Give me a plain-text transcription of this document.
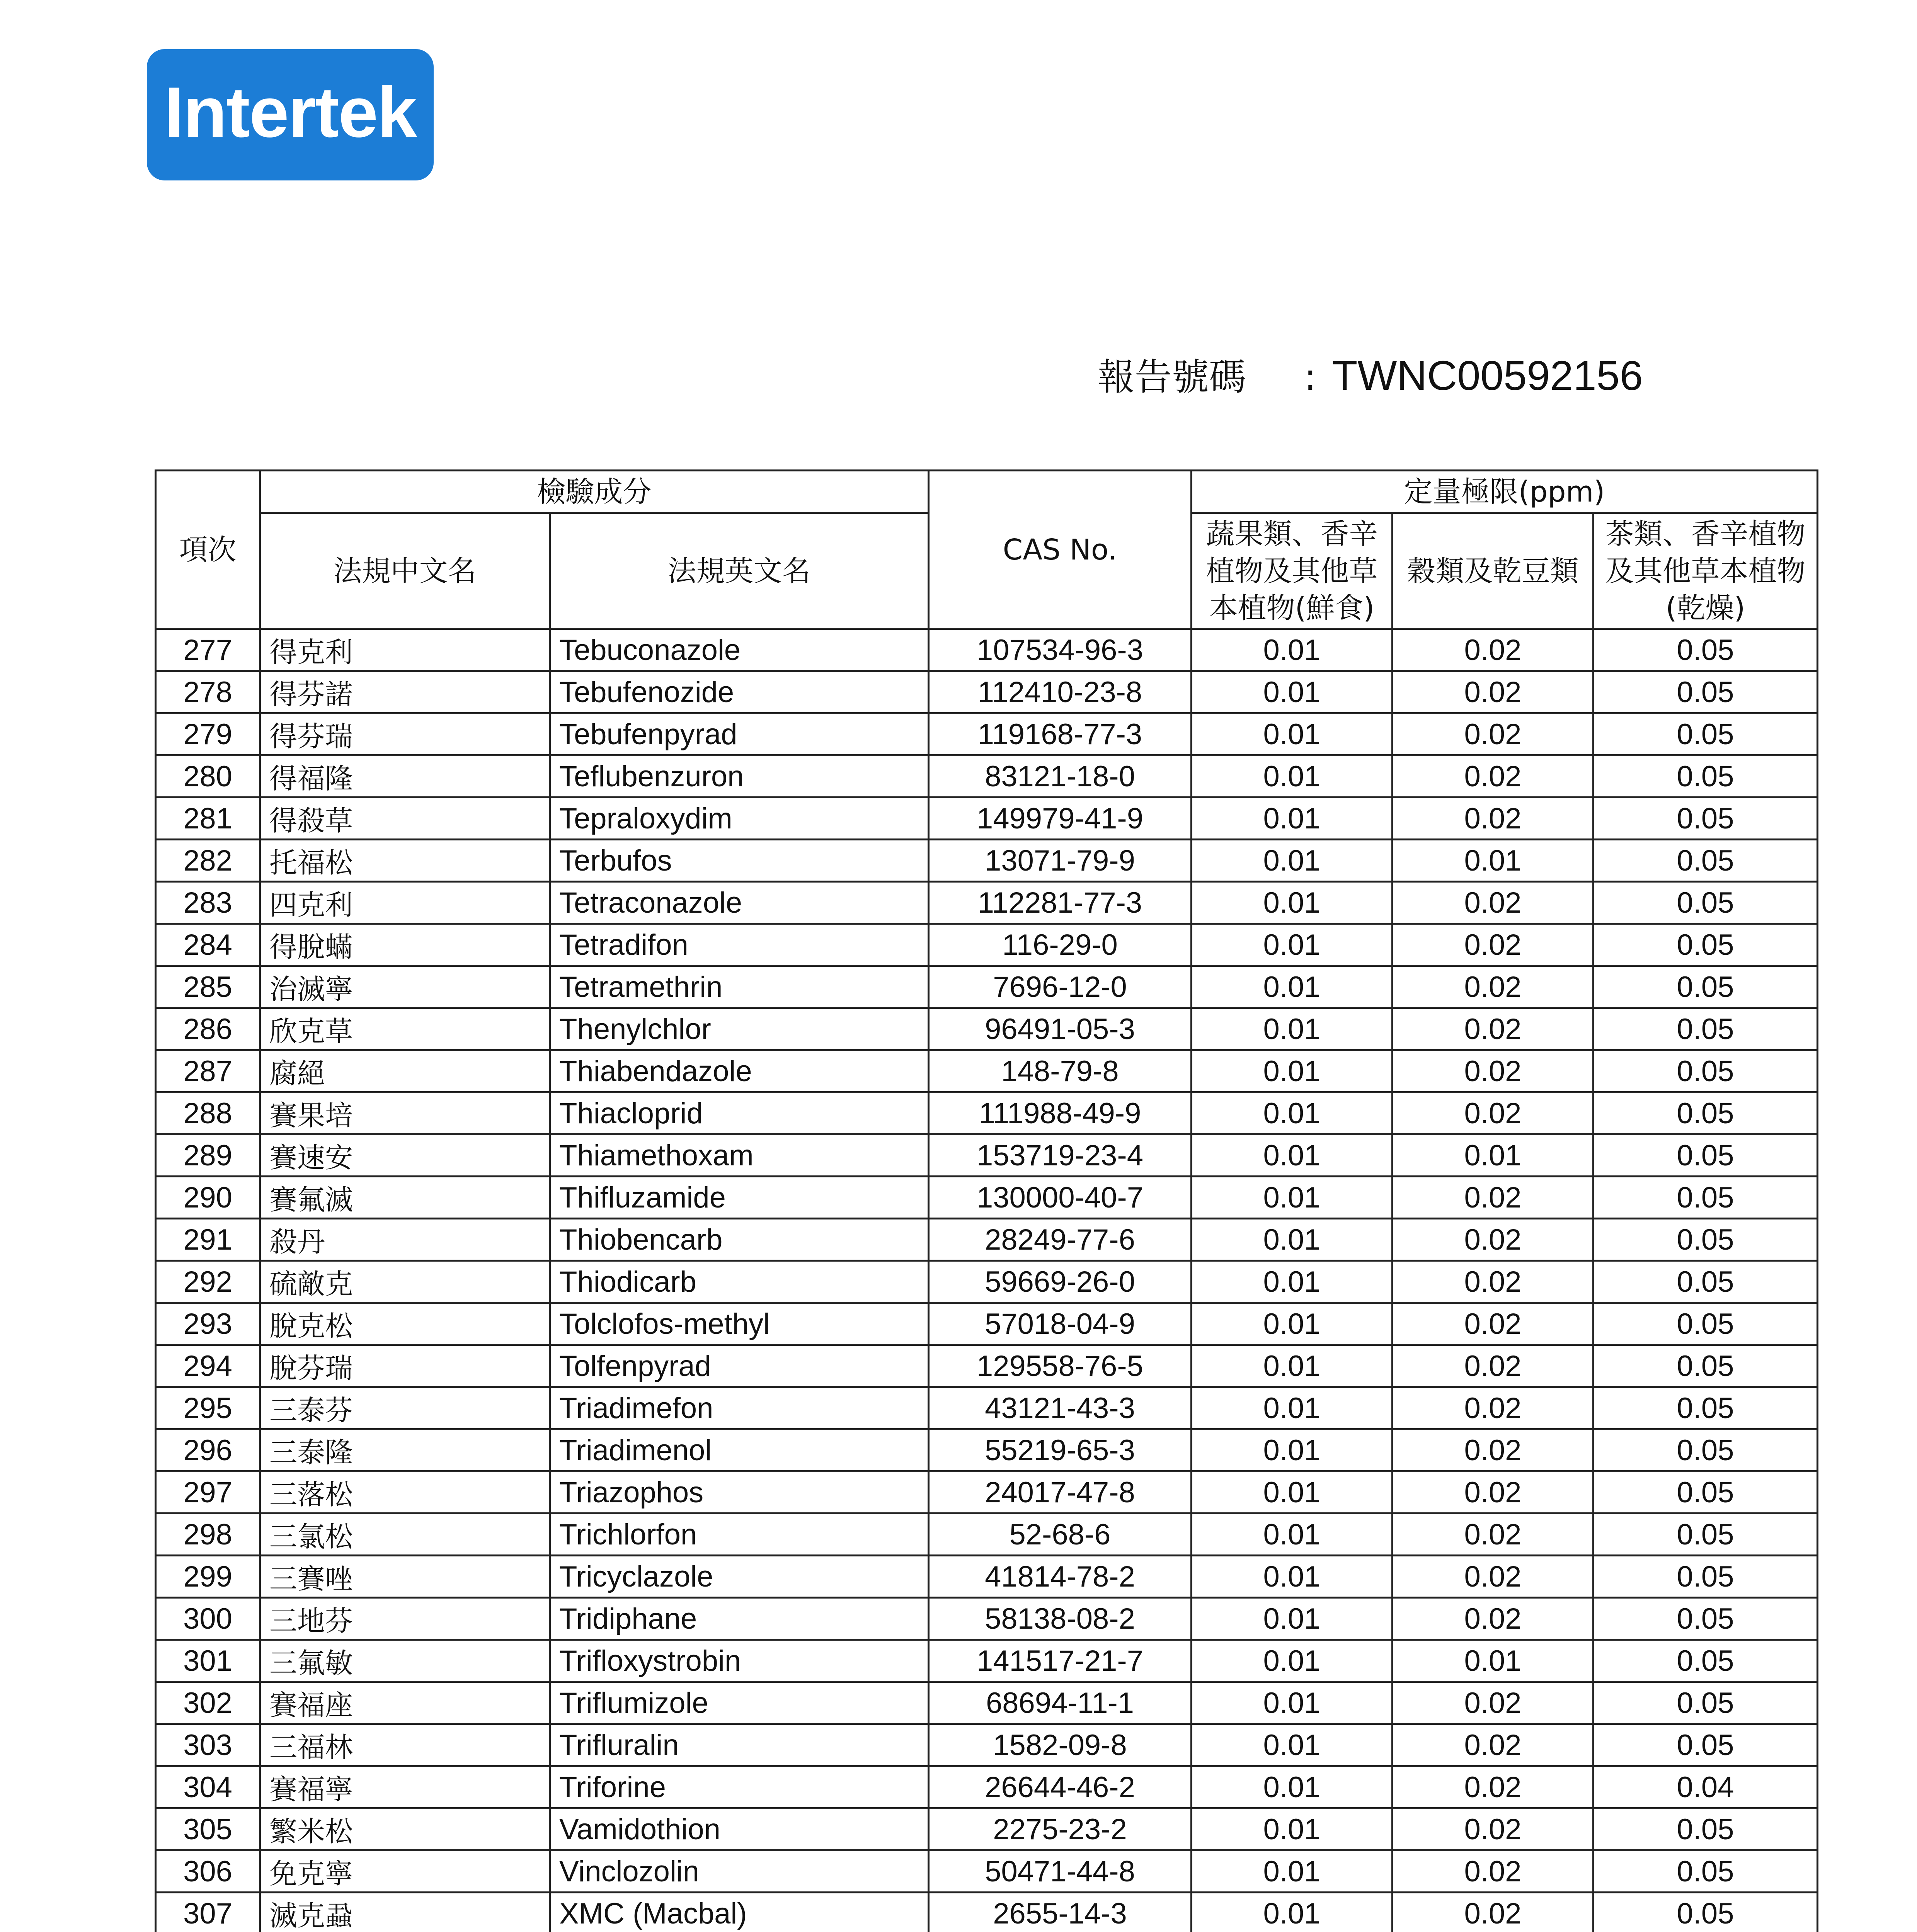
Intertek
報告號碼 : TWNC00592156
項次	檢驗成分		CAS No.	定量極限(ppm)		
	法規中文名	法規英文名		蔬果類、香辛植物及其他草本植物(鮮食)	穀類及乾豆類	茶類、香辛植物及其他草本植物(乾燥)
277	得克利	Tebuconazole	107534-96-3	0.01	0.02	0.05
278	得芬諾	Tebufenozide	112410-23-8	0.01	0.02	0.05
279	得芬瑞	Tebufenpyrad	119168-77-3	0.01	0.02	0.05
280	得福隆	Teflubenzuron	83121-18-0	0.01	0.02	0.05
281	得殺草	Tepraloxydim	149979-41-9	0.01	0.02	0.05
282	托福松	Terbufos	13071-79-9	0.01	0.01	0.05
283	四克利	Tetraconazole	112281-77-3	0.01	0.02	0.05
284	得脫蟎	Tetradifon	116-29-0	0.01	0.02	0.05
285	治滅寧	Tetramethrin	7696-12-0	0.01	0.02	0.05
286	欣克草	Thenylchlor	96491-05-3	0.01	0.02	0.05
287	腐絕	Thiabendazole	148-79-8	0.01	0.02	0.05
288	賽果培	Thiacloprid	111988-49-9	0.01	0.02	0.05
289	賽速安	Thiamethoxam	153719-23-4	0.01	0.01	0.05
290	賽氟滅	Thifluzamide	130000-40-7	0.01	0.02	0.05
291	殺丹	Thiobencarb	28249-77-6	0.01	0.02	0.05
292	硫敵克	Thiodicarb	59669-26-0	0.01	0.02	0.05
293	脫克松	Tolclofos-methyl	57018-04-9	0.01	0.02	0.05
294	脫芬瑞	Tolfenpyrad	129558-76-5	0.01	0.02	0.05
295	三泰芬	Triadimefon	43121-43-3	0.01	0.02	0.05
296	三泰隆	Triadimenol	55219-65-3	0.01	0.02	0.05
297	三落松	Triazophos	24017-47-8	0.01	0.02	0.05
298	三氯松	Trichlorfon	52-68-6	0.01	0.02	0.05
299	三賽唑	Tricyclazole	41814-78-2	0.01	0.02	0.05
300	三地芬	Tridiphane	58138-08-2	0.01	0.02	0.05
301	三氟敏	Trifloxystrobin	141517-21-7	0.01	0.01	0.05
302	賽福座	Triflumizole	68694-11-1	0.01	0.02	0.05
303	三福林	Trifluralin	1582-09-8	0.01	0.02	0.05
304	賽福寧	Triforine	26644-46-2	0.01	0.02	0.04
305	繁米松	Vamidothion	2275-23-2	0.01	0.02	0.05
306	免克寧	Vinclozolin	50471-44-8	0.01	0.02	0.05
307	滅克蝨	XMC (Macbal)	2655-14-3	0.01	0.02	0.05
